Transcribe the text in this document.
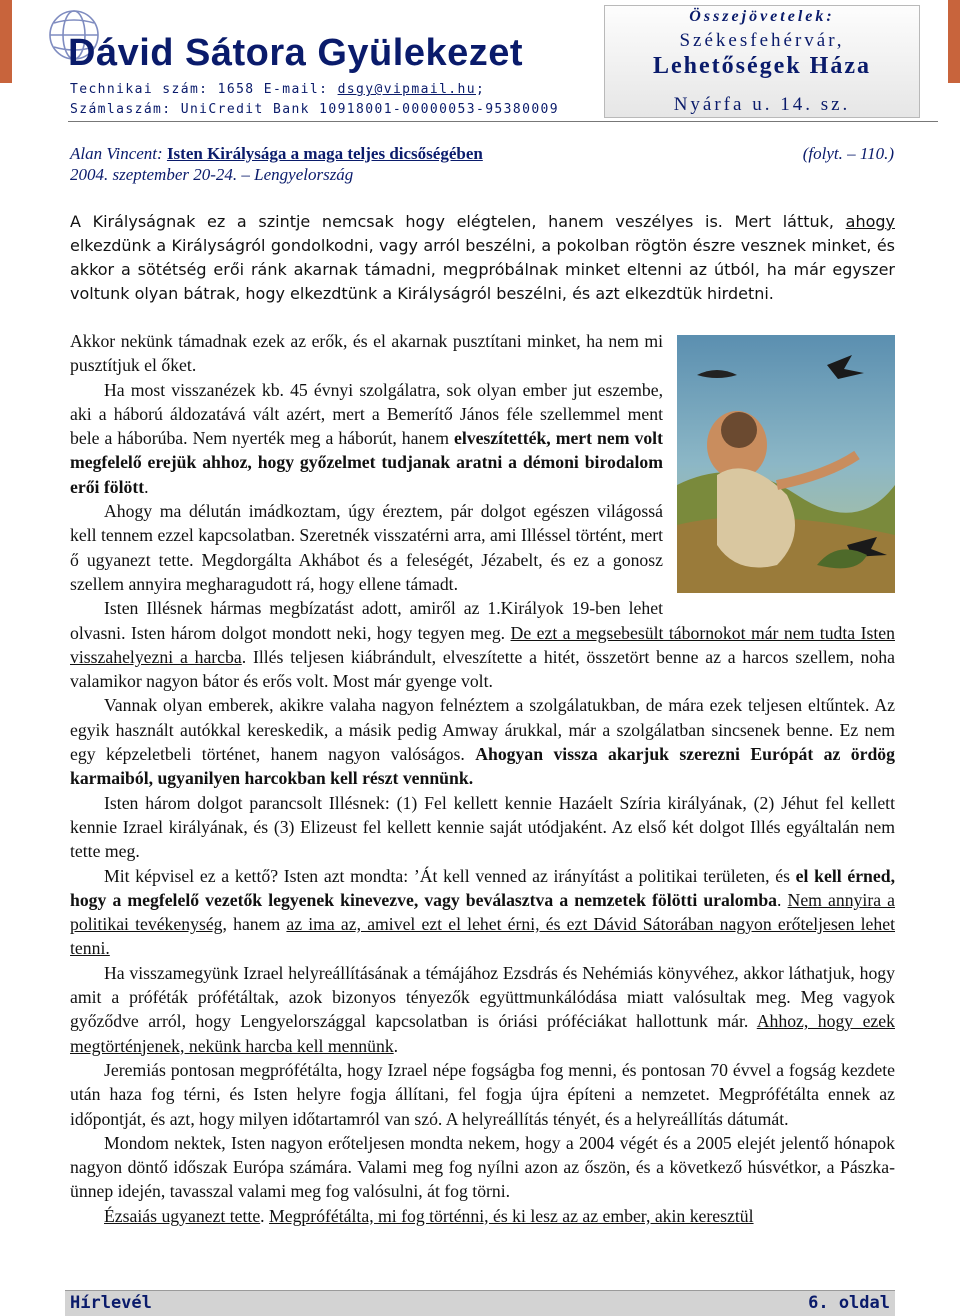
Dávid Sátora Gyülekezet
Technikai szám: 1658 E-mail: dsgy@vipmail.hu;
Számlaszám: UniCredit Bank 10918001-00000053-95380009
Összejövetelek:
Székesfehérvár,
Lehetőségek Háza
Nyárfa u. 14. sz.
Alan Vincent: Isten Királysága a maga teljes dicsőségében	(folyt. – 110.)
2004. szeptember 20-24. – Lengyelország

A Királyságnak ez a szintje nemcsak hogy elégtelen, hanem veszélyes is. Mert láttuk, ahogy elkezdünk a Királyságról gondolkodni, vagy arról beszélni, a pokolban rögtön észre vesznek minket, és akkor a sötétség erői ránk akarnak támadni, megpróbálnak minket eltenni az útból, ha már egyszer voltunk olyan bátrak, hogy elkezdtünk a Királyságról beszélni, és azt elkezdtük hirdetni.

Akkor nekünk támadnak ezek az erők, és el akarnak pusztítani minket, ha nem mi pusztítjuk el őket.

Ha most visszanézek kb. 45 évnyi szolgálatra, sok olyan ember jut eszembe, aki a háború áldozatává vált azért, mert a Bemerítő János féle szellemmel ment bele a háborúba. Nem nyerték meg a háborút, hanem elveszítették, mert nem volt megfelelő erejük ahhoz, hogy győzelmet tudjanak aratni a démoni birodalom erői fölött.

Ahogy ma délután imádkoztam, úgy éreztem, pár dolgot egészen világossá kell tennem ezzel kapcsolatban. Szeretnék visszatérni arra, ami Illéssel történt, mert ő ugyanezt tette. Megdorgálta Akhábot és a feleségét, Jézabelt, és ez a gonosz szellem annyira megharagudott rá, hogy ellene támadt.

Isten Illésnek hármas megbízatást adott, amiről az 1.Királyok 19-ben lehet olvasni. Isten három dolgot mondott neki, hogy tegyen meg. De ezt a megsebesült tábornokot már nem tudta Isten visszahelyezni a harcba. Illés teljesen kiábrándult, elveszítette a hitét, összetört benne az a harcos szellem, noha valamikor nagyon bátor és erős volt. Most már gyenge volt.

Vannak olyan emberek, akikre valaha nagyon felnéztem a szolgálatukban, de mára ezek teljesen eltűntek. Az egyik használt autókkal kereskedik, a másik pedig Amway árukkal, már a szolgálatban sincsenek benne. Ez nem egy képzeletbeli történet, hanem nagyon valóságos. Ahogyan vissza akarjuk szerezni Európát az ördög karmaiból, ugyanilyen harcokban kell részt vennünk.

Isten három dolgot parancsolt Illésnek: (1) Fel kellett kennie Hazáelt Szíria királyának, (2) Jéhut fel kellett kennie Izrael királyának, és (3) Elizeust fel kellett kennie saját utódjaként. Az első két dolgot Illés egyáltalán nem tette meg.

Mit képvisel ez a kettő? Isten azt mondta: ’Át kell venned az irányítást a politikai területen, és el kell érned, hogy a megfelelő vezetők legyenek kinevezve, vagy beválasztva a nemzetek fölötti uralomba. Nem annyira a politikai tevékenység, hanem az ima az, amivel ezt el lehet érni, és ezt Dávid Sátorában nagyon erőteljesen lehet tenni.

Ha visszamegyünk Izrael helyreállításának a témájához Ezsdrás és Nehémiás könyvéhez, akkor láthatjuk, hogy amit a próféták prófétáltak, azok bizonyos tényezők együttmunkálódása miatt valósultak meg. Meg vagyok győződve arról, hogy Lengyelországgal kapcsolatban is óriási próféciákat hallottunk már. Ahhoz, hogy ezek megtörténjenek, nekünk harcba kell mennünk.

Jeremiás pontosan megprófétálta, hogy Izrael népe fogságba fog menni, és pontosan 70 évvel a fogság kezdete után haza fog térni, és Isten helyre fogja állítani, fel fogja újra építeni a nemzetet. Megprófétálta ennek az időpontját, és azt, hogy milyen időtartamról van szó. A helyreállítás tényét, és a helyreállítás dátumát.

Mondom nektek, Isten nagyon erőteljesen mondta nekem, hogy a 2004 végét és a 2005 elejét jelentő hónapok nagyon döntő időszak Európa számára. Valami meg fog nyílni azon az őszön, és a következő húsvétkor, a Pászka-ünnep idején, tavasszal valami meg fog valósulni, át fog törni.

Ézsaiás ugyanezt tette. Megprófétálta, mi fog történni, és ki lesz az az ember, akin keresztül

Hírlevél	6. oldal
